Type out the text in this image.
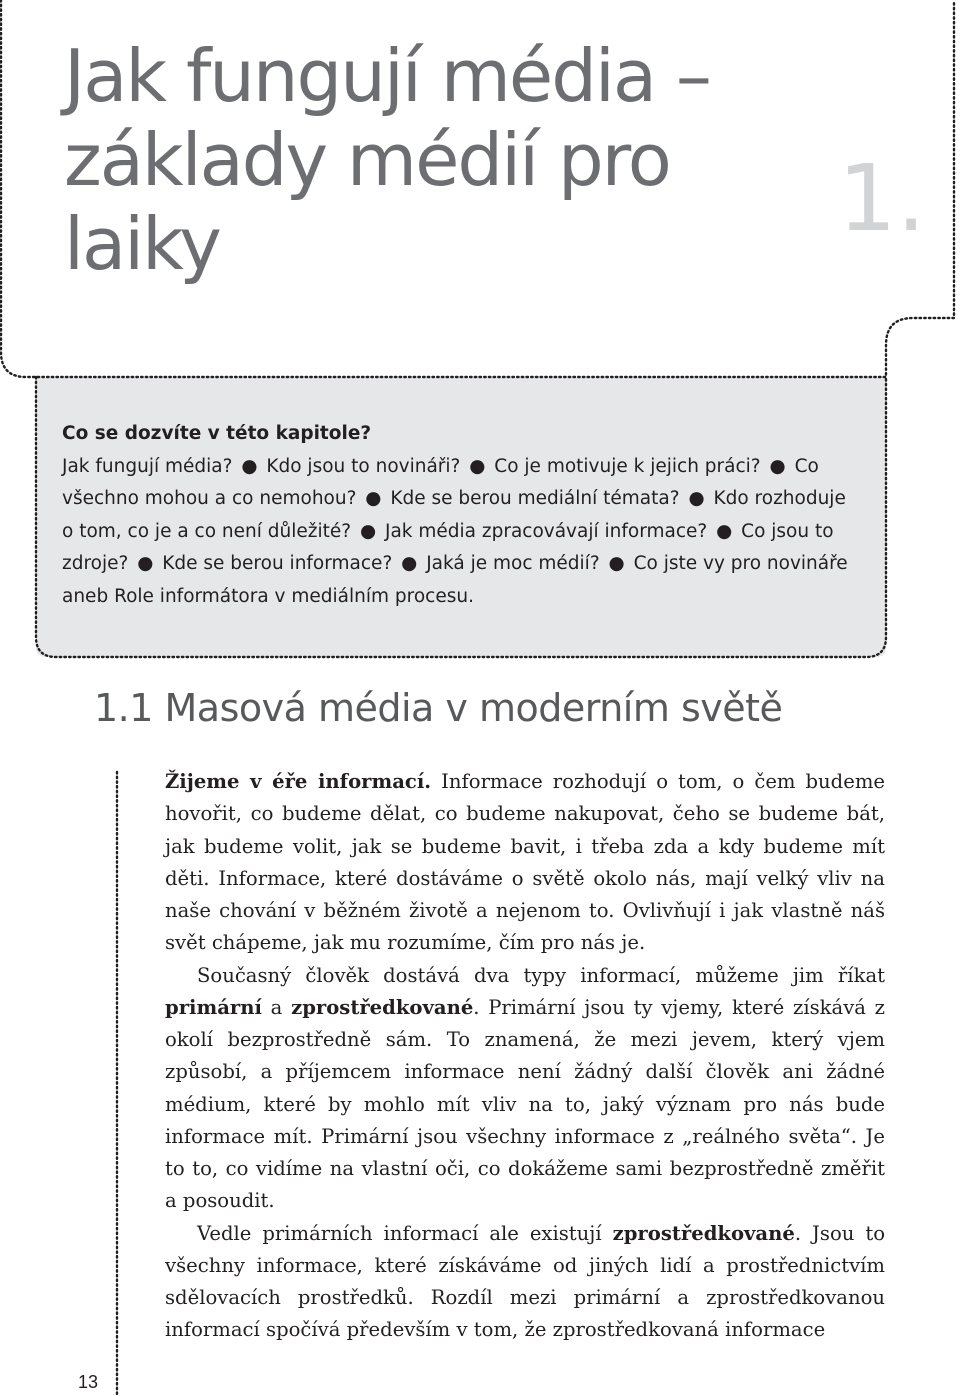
Jak fungují média – základy médií pro laiky	1.
Co se dozvíte v této kapitole?

Jak fungují média? ● Kdo jsou to novináři? ● Co je motivuje k jejich práci? ● Co všechno mohou a co nemohou? ● Kde se berou mediální témata? ● Kdo rozhoduje o tom, co je a co není důležité? ● Jak média zpracovávají informace? ● Co jsou to zdroje? ● Kde se berou informace? ● Jaká je moc médií? ● Co jste vy pro novináře aneb Role informátora v mediálním procesu.

1.1 Masová média v moderním světě

Žijeme v éře informací. Informace rozhodují o tom, o čem budeme hovořit, co budeme dělat, co budeme nakupovat, čeho se budeme bát, jak budeme volit, jak se budeme bavit, i třeba zda a kdy budeme mít děti. Informace, které dostáváme o světě okolo nás, mají velký vliv na naše chování v běžném životě a nejenom to. Ovlivňují i jak vlastně náš svět chápeme, jak mu rozumíme, čím pro nás je.

Současný člověk dostává dva typy informací, můžeme jim říkat primární a zprostředkované. Primární jsou ty vjemy, které získává z okolí bezprostředně sám. To znamená, že mezi jevem, který vjem způsobí, a příjemcem informace není žádný další člověk ani žádné médium, které by mohlo mít vliv na to, jaký význam pro nás bude informace mít. Primární jsou všechny informace z „reálného světa“. Je to to, co vidíme na vlastní oči, co dokážeme sami bezprostředně změřit a posoudit.

Vedle primárních informací ale existují zprostředkované. Jsou to všechny informace, které získáváme od jiných lidí a prostřednictvím sdělovacích prostředků. Rozdíl mezi primární a zprostředkovanou informací spočívá především v tom, že zprostředkovaná informace

13
